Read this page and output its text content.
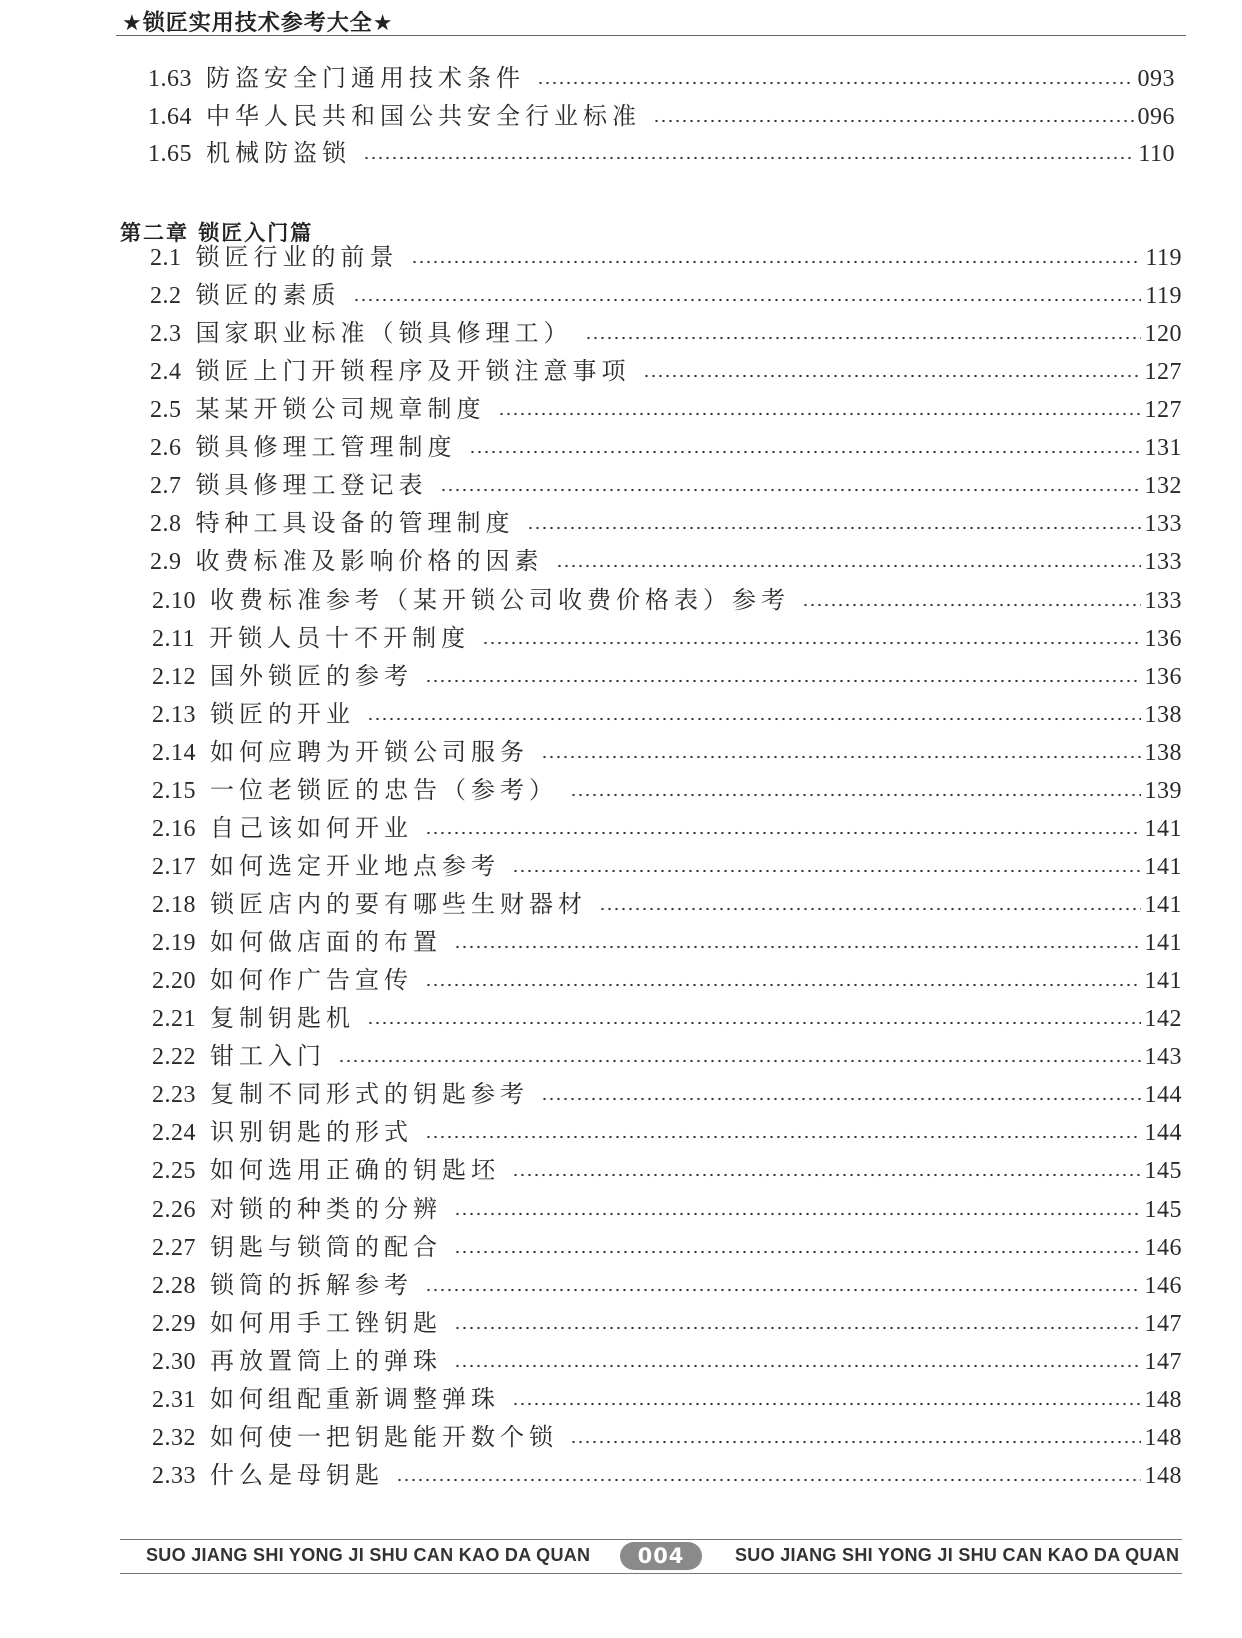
★锁匠实用技术参考大全★
1.63 防盗安全门通用技术条件	093
1.64 中华人民共和国公共安全行业标准	096
1.65 机械防盗锁	110
2.1 锁匠行业的前景	119
2.2 锁匠的素质	119
2.3 国家职业标准（锁具修理工）	120
2.4 锁匠上门开锁程序及开锁注意事项	127
2.5 某某开锁公司规章制度	127
2.6 锁具修理工管理制度	131
2.7 锁具修理工登记表	132
2.8 特种工具设备的管理制度	133
2.9 收费标准及影响价格的因素	133
2.10 收费标准参考（某开锁公司收费价格表）参考	133
2.11 开锁人员十不开制度	136
2.12 国外锁匠的参考	136
2.13 锁匠的开业	138
2.14 如何应聘为开锁公司服务	138
2.15 一位老锁匠的忠告（参考）	139
2.16 自己该如何开业	141
2.17 如何选定开业地点参考	141
2.18 锁匠店内的要有哪些生财器材	141
2.19 如何做店面的布置	141
2.20 如何作广告宣传	141
2.21 复制钥匙机	142
2.22 钳工入门	143
2.23 复制不同形式的钥匙参考	144
2.24 识别钥匙的形式	144
2.25 如何选用正确的钥匙坯	145
2.26 对锁的种类的分辨	145
2.27 钥匙与锁筒的配合	146
2.28 锁筒的拆解参考	146
2.29 如何用手工锉钥匙	147
2.30 再放置筒上的弹珠	147
2.31 如何组配重新调整弹珠	148
2.32 如何使一把钥匙能开数个锁	148
2.33 什么是母钥匙	148
第二章 锁匠入门篇
SUO JIANG SHI YONG JI SHU CAN KAO DA QUAN	004	SUO JIANG SHI YONG JI SHU CAN KAO DA QUAN
